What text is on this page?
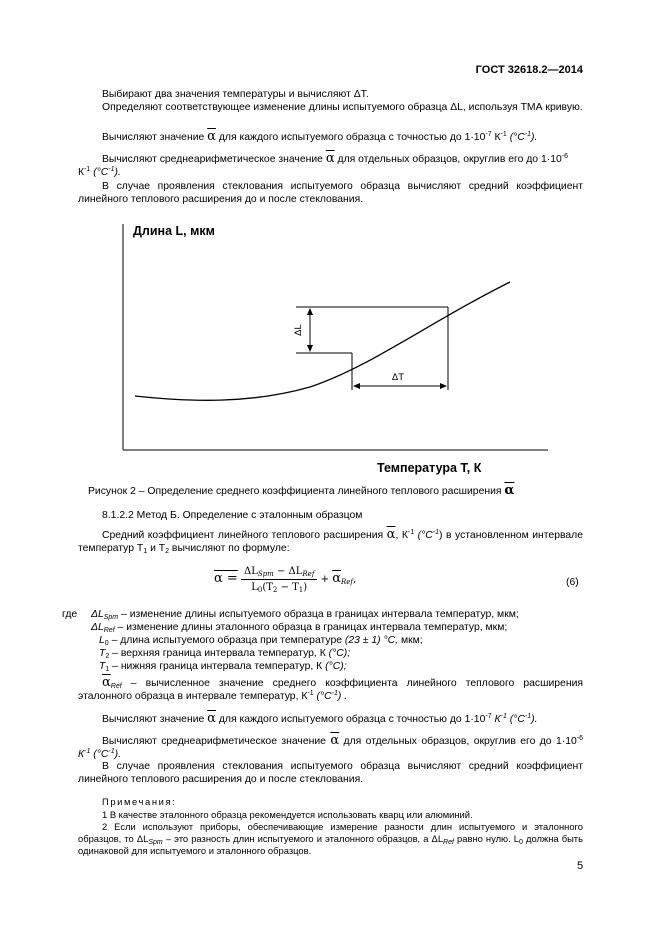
ГОСТ 32618.2—2014

Выбирают два значения температуры и вычисляют ΔT.

Определяют соответствующее изменение длины испытуемого образца ΔL, используя ТМА кривую.

Вычисляют значение $\overline{\alpha}$ для каждого испытуемого образца с точностью до $1\cdot 10^{-7}$ $К^{-1}$ $(^\circ C^{-1})$.

Вычисляют среднеарифметическое значение $\overline{\alpha}$ для отдельных образцов, округлив его до $1\cdot 10^{-6}$ $К^{-1}$ $(^\circ C^{-1})$.

В случае проявления стеклования испытуемого образца вычисляют средний коэффициент линейного теплового расширения до и после стеклования.

ΔL
ΔT
Длина L, мкм
Температура Т, К
Рисунок 2 – Определение среднего коэффициента линейного теплового расширения $\overline{\alpha}$

8.1.2.2 Метод Б. Определение с эталонным образцом

Средний коэффициент линейного теплового расширения $\overline{\alpha}$, $К^{-1}$ $(^\circ C^{-1})$ в установленном интервале температур $T_1$ и $T_2$ вычисляют по формуле:

$\alpha = \frac{\Delta L_{Spm} - \Delta L_{Ref}}{L_0(T_2 - T_1)} + \overline{\alpha}_{Ref}$,	(6)
где $\Delta L_{Spm}$ – изменение длины испытуемого образца в границах интервала температур, мкм;
$\Delta L_{Ref}$ – изменение длины эталонного образца в границах интервала температур, мкм;
$L_0$ – длина испытуемого образца при температуре (23 ± 1) °С, мкм;
$T_2$ – верхняя граница интервала температур, К (°C);
$T_1$ – нижняя граница интервала температур, К (°C);

$\overline{\alpha}_{Ref}$ – вычисленное значение среднего коэффициента линейного теплового расширения эталонного образца в интервале температур, $К^{-1}$ $(^\circ C^{-1})$ .

Вычисляют значение $\overline{\alpha}$ для каждого испытуемого образца с точностью до $1\cdot 10^{-7}$ $К^{-1}$ $(^\circ C^{-1})$.

Вычисляют среднеарифметическое значение $\overline{\alpha}$ для отдельных образцов, округлив его до $1\cdot 10^{-6}$ $К^{-1}$ $(^\circ C^{-1})$.

В случае проявления стеклования испытуемого образца вычисляют средний коэффициент линейного теплового расширения до и после стеклования.

Примечания:

1 В качестве эталонного образца рекомендуется использовать кварц или алюминий.

2 Если используют приборы, обеспечивающие измерение разности длин испытуемого и эталонного образцов, то $\Delta L_{Spm}$ – это разность длин испытуемого и эталонного образцов, а $\Delta L_{Ref}$ равно нулю. $L_0$ должна быть одинаковой для испытуемого и эталонного образцов.

5
